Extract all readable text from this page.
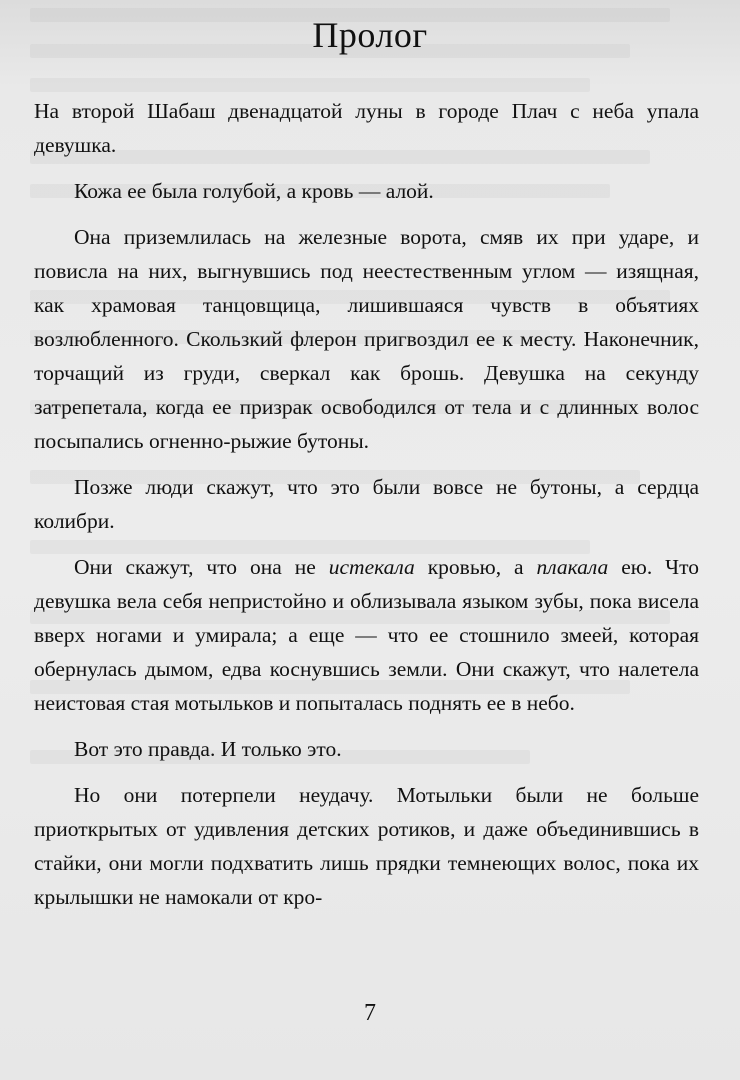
Пролог

На второй Шабаш двенадцатой луны в городе Плач с неба упала девушка.

Кожа ее была голубой, а кровь — алой.

Она приземлилась на железные ворота, смяв их при ударе, и повисла на них, выгнувшись под неестественным углом — изящная, как храмовая танцовщица, лишившаяся чувств в объятиях возлюбленного. Скользкий флерон пригвоздил ее к месту. Наконечник, торчащий из груди, сверкал как брошь. Девушка на секунду затрепетала, когда ее призрак освободился от тела и с длинных волос посыпались огненно-рыжие бутоны.

Позже люди скажут, что это были вовсе не бутоны, а сердца колибри.

Они скажут, что она не истекала кровью, а плакала ею. Что девушка вела себя непристойно и облизывала языком зубы, пока висела вверх ногами и умирала; а еще — что ее стошнило змеей, которая обернулась дымом, едва коснувшись земли. Они скажут, что налетела неистовая стая мотыльков и попыталась поднять ее в небо.

Вот это правда. И только это.

Но они потерпели неудачу. Мотыльки были не больше приоткрытых от удивления детских ротиков, и даже объединившись в стайки, они могли подхватить лишь прядки темнеющих волос, пока их крылышки не намокали от кро-

7
